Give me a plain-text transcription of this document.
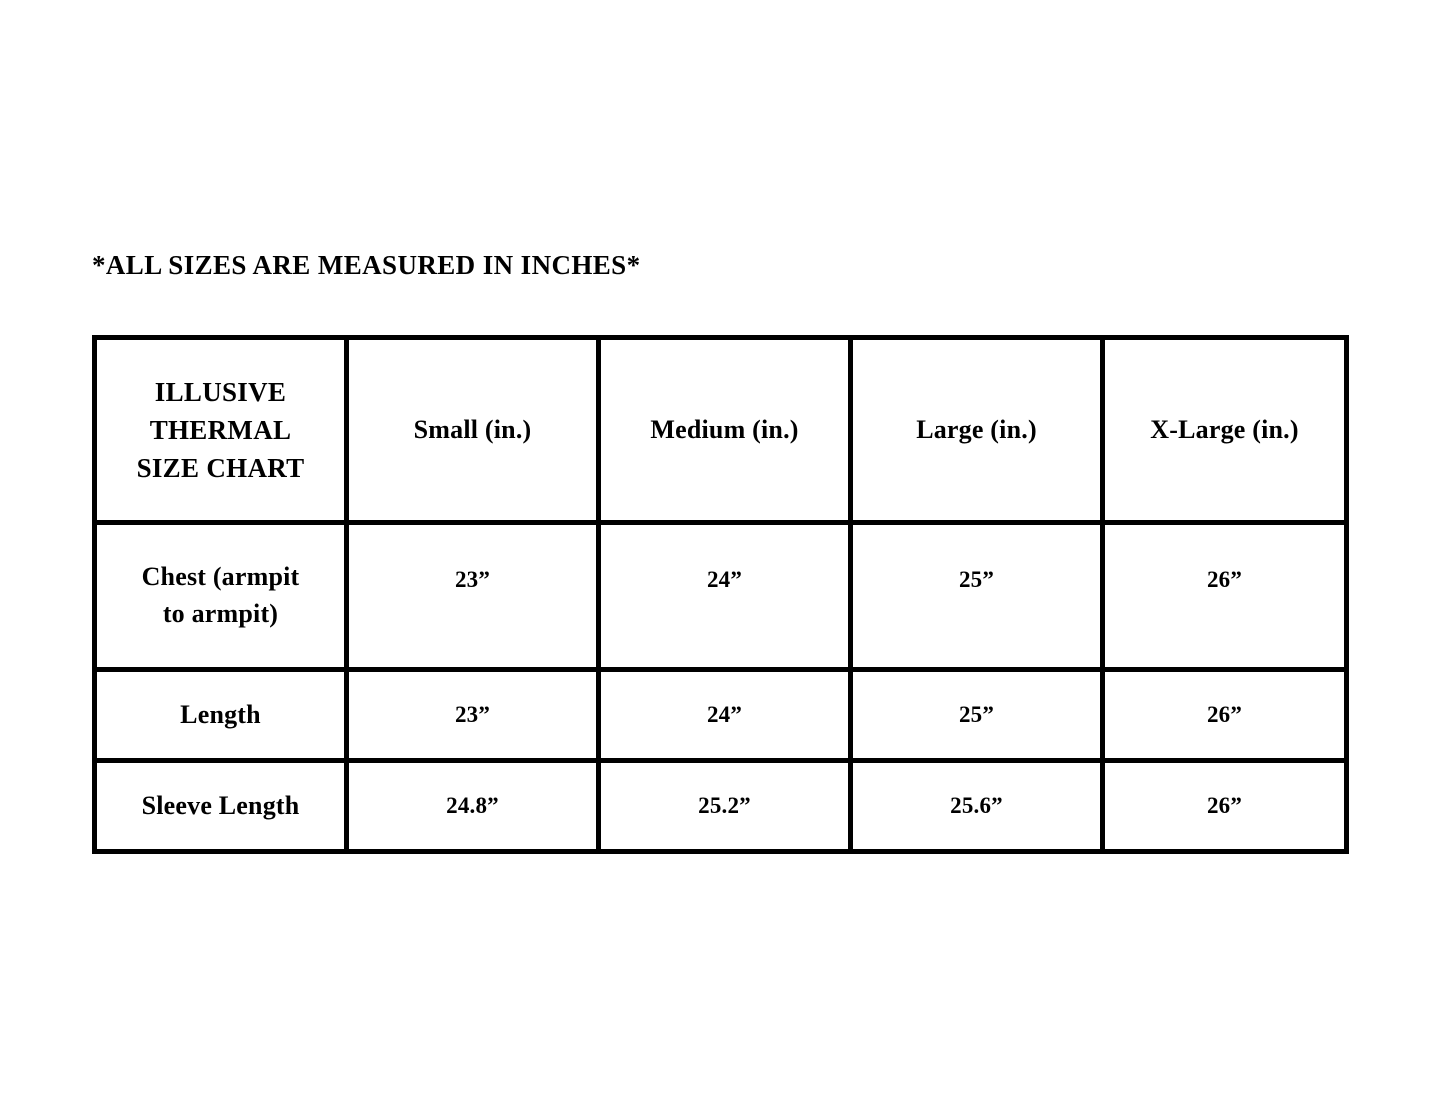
*ALL SIZES ARE MEASURED IN INCHES*
ILLUSIVE
THERMAL
SIZE CHART	Small (in.)	Medium (in.)	Large (in.)	X-Large (in.)

Chest (armpit
to armpit)	23”	24”	25”	26”

Length	23”	24”	25”	26”
Sleeve Length	24.8”	25.2”	25.6”	26”
